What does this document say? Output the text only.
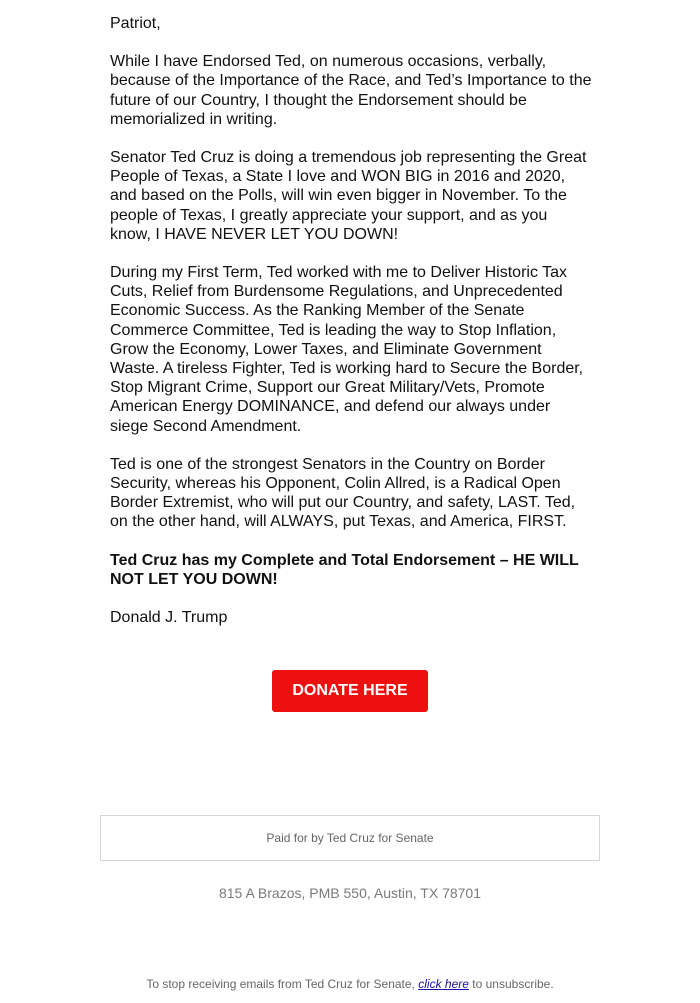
Patriot,

While I have Endorsed Ted, on numerous occasions, verbally, because of the Importance of the Race, and Ted’s Importance to the future of our Country, I thought the Endorsement should be memorialized in writing.

Senator Ted Cruz is doing a tremendous job representing the Great People of Texas, a State I love and WON BIG in 2016 and 2020, and based on the Polls, will win even bigger in November. To the people of Texas, I greatly appreciate your support, and as you know, I HAVE NEVER LET YOU DOWN!

During my First Term, Ted worked with me to Deliver Historic Tax Cuts, Relief from Burdensome Regulations, and Unprecedented Economic Success. As the Ranking Member of the Senate Commerce Committee, Ted is leading the way to Stop Inflation, Grow the Economy, Lower Taxes, and Eliminate Government Waste. A tireless Fighter, Ted is working hard to Secure the Border, Stop Migrant Crime, Support our Great Military/Vets, Promote American Energy DOMINANCE, and defend our always under siege Second Amendment.

Ted is one of the strongest Senators in the Country on Border Security, whereas his Opponent, Colin Allred, is a Radical Open Border Extremist, who will put our Country, and safety, LAST. Ted, on the other hand, will ALWAYS, put Texas, and America, FIRST.

Ted Cruz has my Complete and Total Endorsement – HE WILL NOT LET YOU DOWN!

Donald J. Trump

DONATE HERE
Paid for by Ted Cruz for Senate
815 A Brazos, PMB 550, Austin, TX 78701
To stop receiving emails from Ted Cruz for Senate, click here to unsubscribe.
